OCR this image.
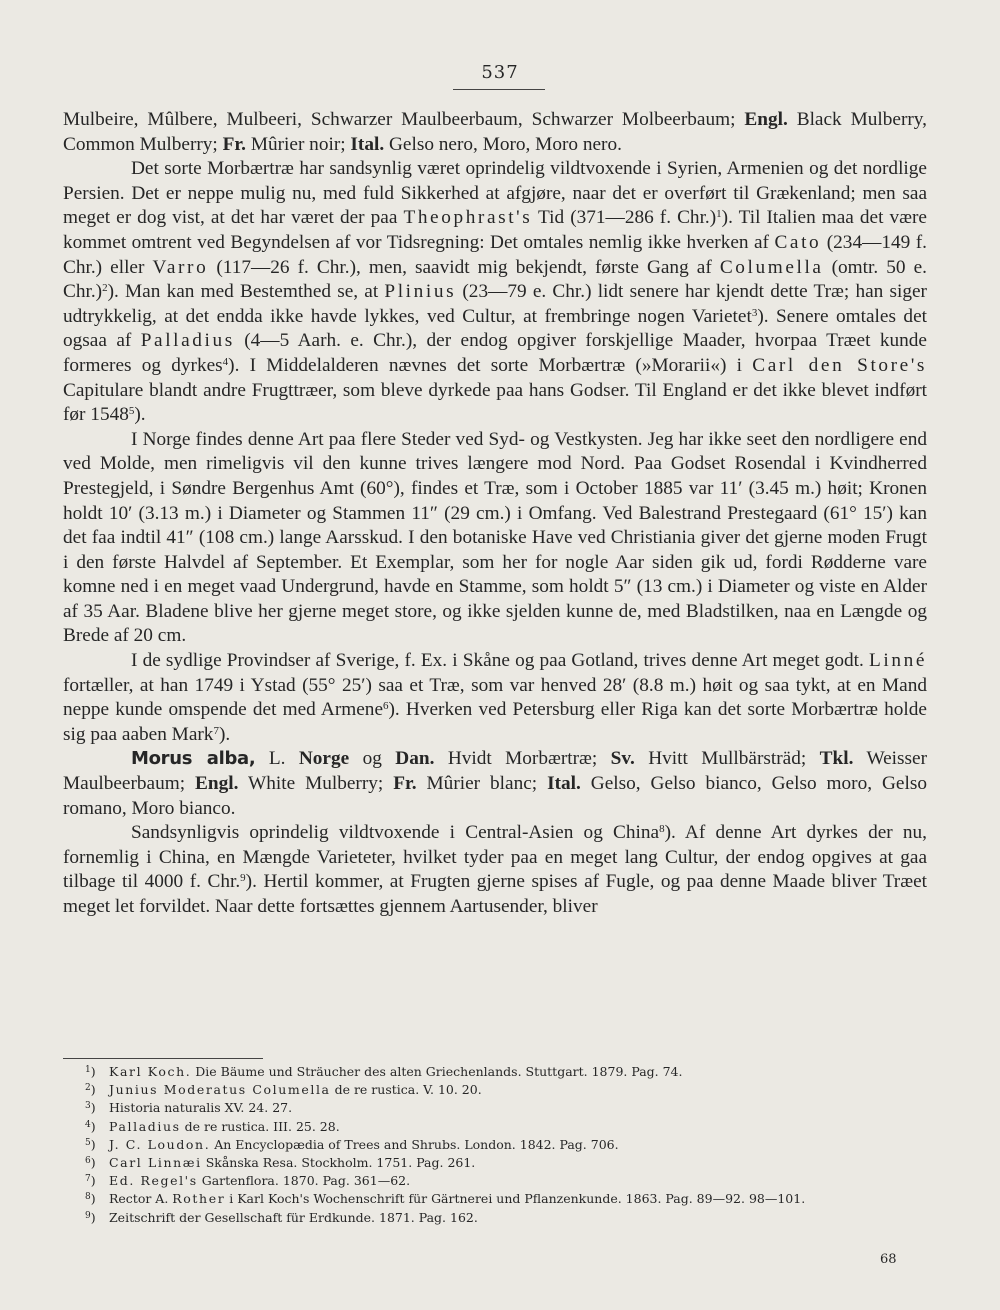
537

Mulbeire, Mûlbere, Mulbeeri, Schwarzer Maulbeerbaum, Schwarzer Molbeerbaum; Engl. Black Mulberry, Common Mulberry; Fr. Mûrier noir; Ital. Gelso nero, Moro, Moro nero.

Det sorte Morbærtræ har sandsynlig været oprindelig vildtvoxende i Syrien, Armenien og det nordlige Persien. Det er neppe mulig nu, med fuld Sikkerhed at afgjøre, naar det er overført til Grækenland; men saa meget er dog vist, at det har været der paa Theophrast's Tid (371—286 f. Chr.)$^1$). Til Italien maa det være kommet omtrent ved Begyndelsen af vor Tidsregning: Det omtales nemlig ikke hverken af Cato (234—149 f. Chr.) eller Varro (117—26 f. Chr.), men, saavidt mig bekjendt, første Gang af Columella (omtr. 50 e. Chr.)$^2$). Man kan med Bestemthed se, at Plinius (23—79 e. Chr.) lidt senere har kjendt dette Træ; han siger udtrykkelig, at det endda ikke havde lykkes, ved Cultur, at frembringe nogen Varietet$^3$). Senere omtales det ogsaa af Palladius (4—5 Aarh. e. Chr.), der endog opgiver forskjellige Maader, hvorpaa Træet kunde formeres og dyrkes$^4$). I Middelalderen nævnes det sorte Morbærtræ (»Morarii«) i Carl den Store's Capitulare blandt andre Frugttræer, som bleve dyrkede paa hans Godser. Til England er det ikke blevet indført før 1548$^5$).

I Norge findes denne Art paa flere Steder ved Syd- og Vestkysten. Jeg har ikke seet den nordligere end ved Molde, men rimeligvis vil den kunne trives længere mod Nord. Paa Godset Rosendal i Kvindherred Prestegjeld, i Søndre Bergenhus Amt (60°), findes et Træ, som i October 1885 var 11′ (3.45 m.) høit; Kronen holdt 10′ (3.13 m.) i Diameter og Stammen 11″ (29 cm.) i Omfang. Ved Balestrand Prestegaard (61° 15′) kan det faa indtil 41″ (108 cm.) lange Aarsskud. I den botaniske Have ved Christiania giver det gjerne moden Frugt i den første Halvdel af September. Et Exemplar, som her for nogle Aar siden gik ud, fordi Rødderne vare komne ned i en meget vaad Undergrund, havde en Stamme, som holdt 5″ (13 cm.) i Diameter og viste en Alder af 35 Aar. Bladene blive her gjerne meget store, og ikke sjelden kunne de, med Bladstilken, naa en Længde og Brede af 20 cm.

I de sydlige Provindser af Sverige, f. Ex. i Skåne og paa Gotland, trives denne Art meget godt. Linné fortæller, at han 1749 i Ystad (55° 25′) saa et Træ, som var henved 28′ (8.8 m.) høit og saa tykt, at en Mand neppe kunde omspende det med Armene$^6$). Hverken ved Petersburg eller Riga kan det sorte Morbærtræ holde sig paa aaben Mark$^7$).

Morus alba, L. Norge og Dan. Hvidt Morbærtræ; Sv. Hvitt Mullbärsträd; Tkl. Weisser Maulbeerbaum; Engl. White Mulberry; Fr. Mûrier blanc; Ital. Gelso, Gelso bianco, Gelso moro, Gelso romano, Moro bianco.

Sandsynligvis oprindelig vildtvoxende i Central-Asien og China$^8$). Af denne Art dyrkes der nu, fornemlig i China, en Mængde Varieteter, hvilket tyder paa en meget lang Cultur, der endog opgives at gaa tilbage til 4000 f. Chr.$^9$). Hertil kommer, at Frugten gjerne spises af Fugle, og paa denne Maade bliver Træet meget let forvildet. Naar dette fortsættes gjennem Aartusender, bliver

$^1$)	Karl Koch. Die Bäume und Sträucher des alten Griechenlands. Stuttgart. 1879. Pag. 74.
$^2$)	Junius Moderatus Columella de re rustica. V. 10. 20.
$^3$)	Historia naturalis XV. 24. 27.
$^4$)	Palladius de re rustica. III. 25. 28.
$^5$)	J. C. Loudon. An Encyclopædia of Trees and Shrubs. London. 1842. Pag. 706.
$^6$)	Carl Linnæi Skånska Resa. Stockholm. 1751. Pag. 261.
$^7$)	Ed. Regel's Gartenflora. 1870. Pag. 361—62.
$^8$)	Rector A. Rother i Karl Koch's Wochenschrift für Gärtnerei und Pflanzenkunde. 1863. Pag. 89—92. 98—101.
$^9$)	Zeitschrift der Gesellschaft für Erdkunde. 1871. Pag. 162.
68
